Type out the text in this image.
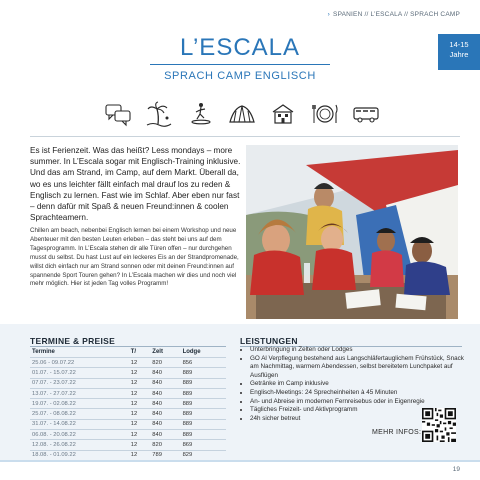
› SPANIEN // L’ESCALA // SPRACH CAMP
L’ESCALA	14-15
Jahre
SPRACH CAMP ENGLISCH
Es ist Ferienzeit. Was das heißt? Less mondays – more summer. In L’Escala sogar mit Englisch-Training inklusive. Und das am Strand, im Camp, auf dem Markt. Überall da, wo es uns leichter fällt einfach mal drauf los zu reden & Englisch zu lernen. Fast wie im Schlaf. Aber eben nur fast – denn dafür mit Spaß & neuen Freund:innen & coolen Sprachteamern.
Chillen am beach, nebenbei Englisch lernen bei einem Workshop und neue Abenteuer mit den besten Leuten erleben – das steht bei uns auf dem Tagesprogramm. In L’Escala stehen dir alle Türen offen – nur durchgehen musst du selbst. Du hast Lust auf ein leckeres Eis an der Strandpromenade, willst dich einfach nur am Strand sonnen oder mit deinen Freund:innen auf spannende Sport Touren gehen? In L’Escala machen wir dies und noch viel mehr möglich. Hier ist jeden Tag volles Programm!
TERMINE & PREISE
Termine	T/	Zelt	Lodge
25.06 - 09.07.22	12	820	856
01.07. - 15.07.22	12	840	889
07.07. - 23.07.22	12	840	889
13.07. - 27.07.22	12	840	889
19.07. - 02.08.22	12	840	889
25.07. - 08.08.22	12	840	889
31.07. - 14.08.22	12	840	889
06.08. - 20.08.22	12	840	889
12.08. - 26.08.22	12	820	869
18.08. - 01.09.22	12	789	829
LEISTUNGEN
• Unterbringung in Zelten oder Lodges
• GO Al Verpflegung bestehend aus Langschläfertauglichem Frühstück, Snack am Nachmittag, warmem Abendessen, selbst bereitetem Lunchpaket auf Ausflügen
• Getränke im Camp inklusive
• Englisch-Meetings: 24 Sprecheinheiten à 45 Minuten
• An- und Abreise im modernen Fernreisebus oder in Eigenregie
• Tägliches Freizeit- und Aktivprogramm
• 24h sicher betreut
MEHR INFOS:
19
